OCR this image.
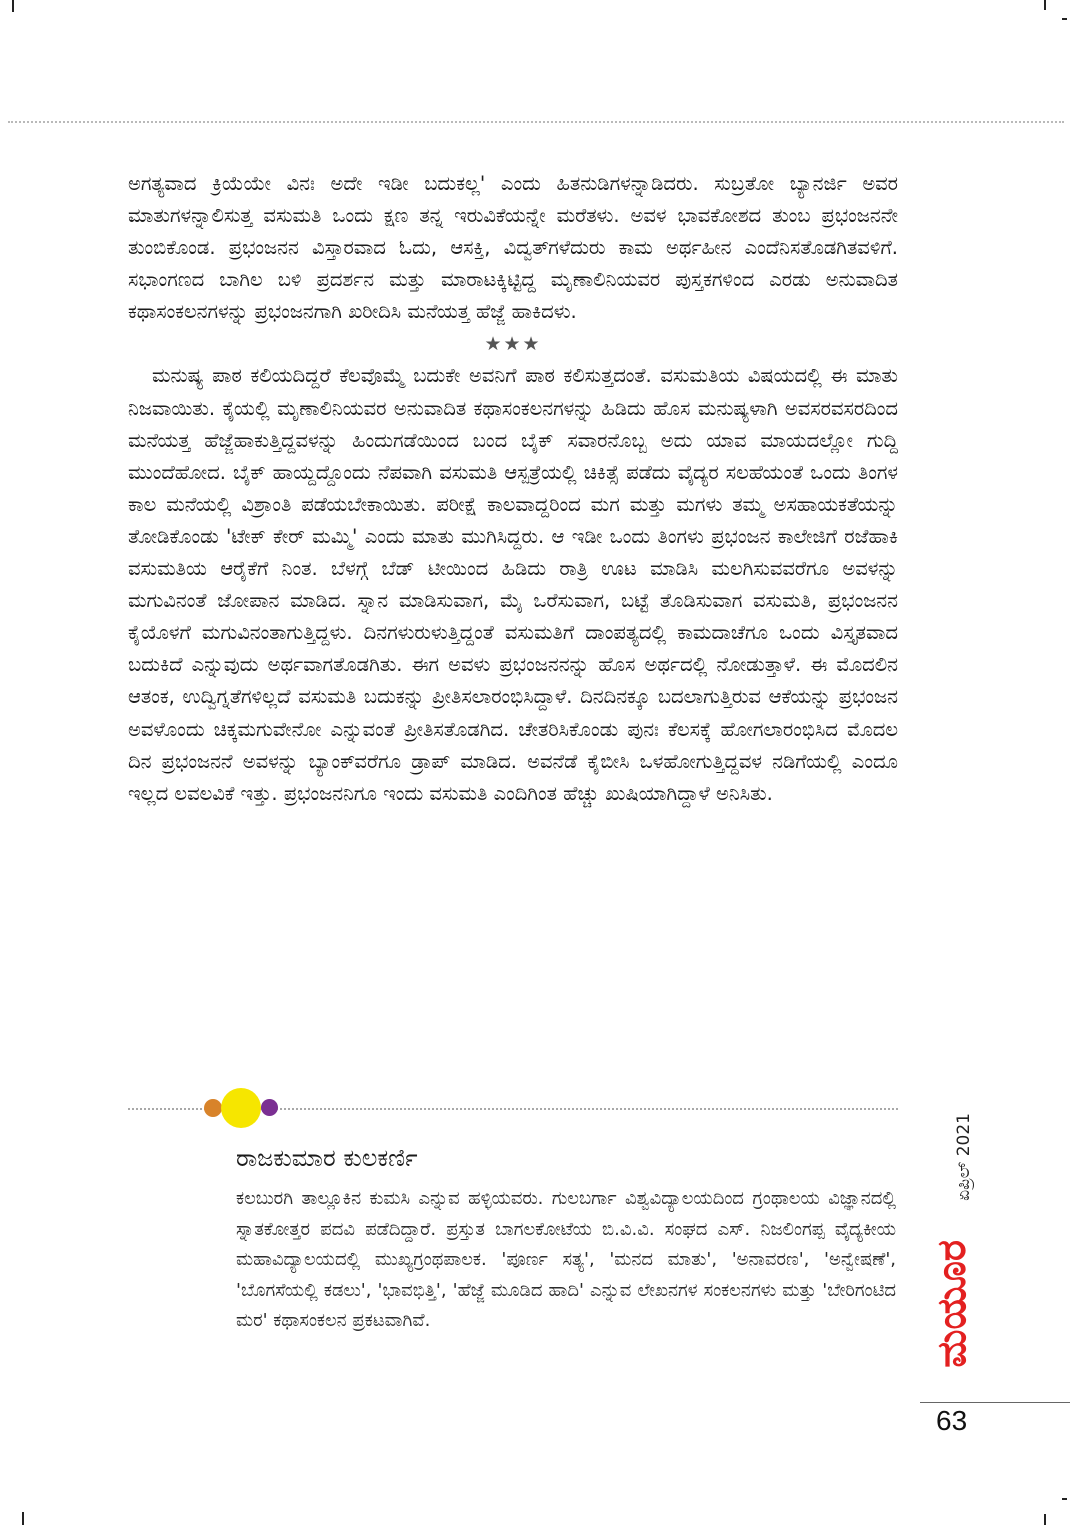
ಅಗತ್ಯವಾದ ಕ್ರಿಯೆಯೇ ವಿನಃ ಅದೇ ಇಡೀ ಬದುಕಲ್ಲ' ಎಂದು ಹಿತನುಡಿಗಳನ್ನಾಡಿದರು. ಸುಬ್ರತೋ ಬ್ಯಾನರ್ಜಿ ಅವರ ಮಾತುಗಳನ್ನಾಲಿಸುತ್ತ ವಸುಮತಿ ಒಂದು ಕ್ಷಣ ತನ್ನ ಇರುವಿಕೆಯನ್ನೇ ಮರೆತಳು. ಅವಳ ಭಾವಕೋಶದ ತುಂಬ ಪ್ರಭಂಜನನೇ ತುಂಬಿಕೊಂಡ. ಪ್ರಭಂಜನನ ವಿಸ್ತಾರವಾದ ಓದು, ಆಸಕ್ತಿ, ವಿದ್ವತ್‍ಗಳೆದುರು ಕಾಮ ಅರ್ಥಹೀನ ಎಂದೆನಿಸತೊಡಗಿತವಳಿಗೆ. ಸಭಾಂಗಣದ ಬಾಗಿಲ ಬಳಿ ಪ್ರದರ್ಶನ ಮತ್ತು ಮಾರಾಟಕ್ಕಿಟ್ಟಿದ್ದ ಮೃಣಾಲಿನಿಯವರ ಪುಸ್ತಕಗಳಿಂದ ಎರಡು ಅನುವಾದಿತ ಕಥಾಸಂಕಲನಗಳನ್ನು ಪ್ರಭಂಜನಗಾಗಿ ಖರೀದಿಸಿ ಮನೆಯತ್ತ ಹೆಜ್ಜೆ ಹಾಕಿದಳು.

★★★

ಮನುಷ್ಯ ಪಾಠ ಕಲಿಯದಿದ್ದರೆ ಕೆಲವೊಮ್ಮೆ ಬದುಕೇ ಅವನಿಗೆ ಪಾಠ ಕಲಿಸುತ್ತದಂತೆ. ವಸುಮತಿಯ ವಿಷಯದಲ್ಲಿ ಈ ಮಾತು ನಿಜವಾಯಿತು. ಕೈಯಲ್ಲಿ ಮೃಣಾಲಿನಿಯವರ ಅನುವಾದಿತ ಕಥಾಸಂಕಲನಗಳನ್ನು ಹಿಡಿದು ಹೊಸ ಮನುಷ್ಯಳಾಗಿ ಅವಸರವಸರದಿಂದ ಮನೆಯತ್ತ ಹೆಜ್ಜೆಹಾಕುತ್ತಿದ್ದವಳನ್ನು ಹಿಂದುಗಡೆಯಿಂದ ಬಂದ ಬೈಕ್ ಸವಾರನೊಬ್ಬ ಅದು ಯಾವ ಮಾಯದಲ್ಲೋ ಗುದ್ದಿ ಮುಂದೆಹೋದ. ಬೈಕ್ ಹಾಯ್ದದ್ದೊಂದು ನೆಪವಾಗಿ ವಸುಮತಿ ಆಸ್ಪತ್ರೆಯಲ್ಲಿ ಚಿಕಿತ್ಸೆ ಪಡೆದು ವೈದ್ಯರ ಸಲಹೆಯಂತೆ ಒಂದು ತಿಂಗಳ ಕಾಲ ಮನೆಯಲ್ಲಿ ವಿಶ್ರಾಂತಿ ಪಡೆಯಬೇಕಾಯಿತು. ಪರೀಕ್ಷೆ ಕಾಲವಾದ್ದರಿಂದ ಮಗ ಮತ್ತು ಮಗಳು ತಮ್ಮ ಅಸಹಾಯಕತೆಯನ್ನು ತೋಡಿಕೊಂಡು 'ಟೇಕ್ ಕೇರ್ ಮಮ್ಮಿ' ಎಂದು ಮಾತು ಮುಗಿಸಿದ್ದರು. ಆ ಇಡೀ ಒಂದು ತಿಂಗಳು ಪ್ರಭಂಜನ ಕಾಲೇಜಿಗೆ ರಜೆಹಾಕಿ ವಸುಮತಿಯ ಆರೈಕೆಗೆ ನಿಂತ. ಬೆಳಗ್ಗೆ ಬೆಡ್ ಟೀಯಿಂದ ಹಿಡಿದು ರಾತ್ರಿ ಊಟ ಮಾಡಿಸಿ ಮಲಗಿಸುವವರೆಗೂ ಅವಳನ್ನು ಮಗುವಿನಂತೆ ಜೋಪಾನ ಮಾಡಿದ. ಸ್ನಾನ ಮಾಡಿಸುವಾಗ, ಮೈ ಒರೆಸುವಾಗ, ಬಟ್ಟೆ ತೊಡಿಸುವಾಗ ವಸುಮತಿ, ಪ್ರಭಂಜನನ ಕೈಯೊಳಗೆ ಮಗುವಿನಂತಾಗುತ್ತಿದ್ದಳು. ದಿನಗಳುರುಳುತ್ತಿದ್ದಂತೆ ವಸುಮತಿಗೆ ದಾಂಪತ್ಯದಲ್ಲಿ ಕಾಮದಾಚೆಗೂ ಒಂದು ವಿಸ್ತೃತವಾದ ಬದುಕಿದೆ ಎನ್ನುವುದು ಅರ್ಥವಾಗತೊಡಗಿತು. ಈಗ ಅವಳು ಪ್ರಭಂಜನನನ್ನು ಹೊಸ ಅರ್ಥದಲ್ಲಿ ನೋಡುತ್ತಾಳೆ. ಈ ಮೊದಲಿನ ಆತಂಕ, ಉದ್ವಿಗ್ನತೆಗಳಿಲ್ಲದೆ ವಸುಮತಿ ಬದುಕನ್ನು ಪ್ರೀತಿಸಲಾರಂಭಿಸಿದ್ದಾಳೆ. ದಿನದಿನಕ್ಕೂ ಬದಲಾಗುತ್ತಿರುವ ಆಕೆಯನ್ನು ಪ್ರಭಂಜನ ಅವಳೊಂದು ಚಿಕ್ಕಮಗುವೇನೋ ಎನ್ನುವಂತೆ ಪ್ರೀತಿಸತೊಡಗಿದ. ಚೇತರಿಸಿಕೊಂಡು ಪುನಃ ಕೆಲಸಕ್ಕೆ ಹೋಗಲಾರಂಭಿಸಿದ ಮೊದಲ ದಿನ ಪ್ರಭಂಜನನೆ ಅವಳನ್ನು ಬ್ಯಾಂಕ್‍ವರೆಗೂ ಡ್ರಾಪ್ ಮಾಡಿದ. ಅವನೆಡೆ ಕೈಬೀಸಿ ಒಳಹೋಗುತ್ತಿದ್ದವಳ ನಡಿಗೆಯಲ್ಲಿ ಎಂದೂ ಇಲ್ಲದ ಲವಲವಿಕೆ ಇತ್ತು. ಪ್ರಭಂಜನನಿಗೂ ಇಂದು ವಸುಮತಿ ಎಂದಿಗಿಂತ ಹೆಚ್ಚು ಖುಷಿಯಾಗಿದ್ದಾಳೆ ಅನಿಸಿತು.

ರಾಜಕುಮಾರ ಕುಲಕರ್ಣಿ
ಕಲಬುರಗಿ ತಾಲ್ಲೂಕಿನ ಕುಮಸಿ ಎನ್ನುವ ಹಳ್ಳಿಯವರು. ಗುಲಬರ್ಗಾ ವಿಶ್ವವಿದ್ಯಾಲಯದಿಂದ ಗ್ರಂಥಾಲಯ ವಿಜ್ಞಾನದಲ್ಲಿ ಸ್ನಾತಕೋತ್ತರ ಪದವಿ ಪಡೆದಿದ್ದಾರೆ. ಪ್ರಸ್ತುತ ಬಾಗಲಕೋಟೆಯ ಬಿ.ವಿ.ವಿ. ಸಂಘದ ಎಸ್. ನಿಜಲಿಂಗಪ್ಪ ವೈದ್ಯಕೀಯ ಮಹಾವಿದ್ಯಾಲಯದಲ್ಲಿ ಮುಖ್ಯಗ್ರಂಥಪಾಲಕ. 'ಪೂರ್ಣ ಸತ್ಯ', 'ಮನದ ಮಾತು', 'ಅನಾವರಣ', 'ಅನ್ವೇಷಣೆ', 'ಬೊಗಸೆಯಲ್ಲಿ ಕಡಲು', 'ಭಾವಭಿತ್ತಿ', 'ಹೆಜ್ಜೆ ಮೂಡಿದ ಹಾದಿ' ಎನ್ನುವ ಲೇಖನಗಳ ಸಂಕಲನಗಳು ಮತ್ತು 'ಬೇರಿಗಂಟಿದ ಮರ' ಕಥಾಸಂಕಲನ ಪ್ರಕಟವಾಗಿವೆ.
ಏಪ್ರಿಲ್ 2021
ಮಯೂರ
63
